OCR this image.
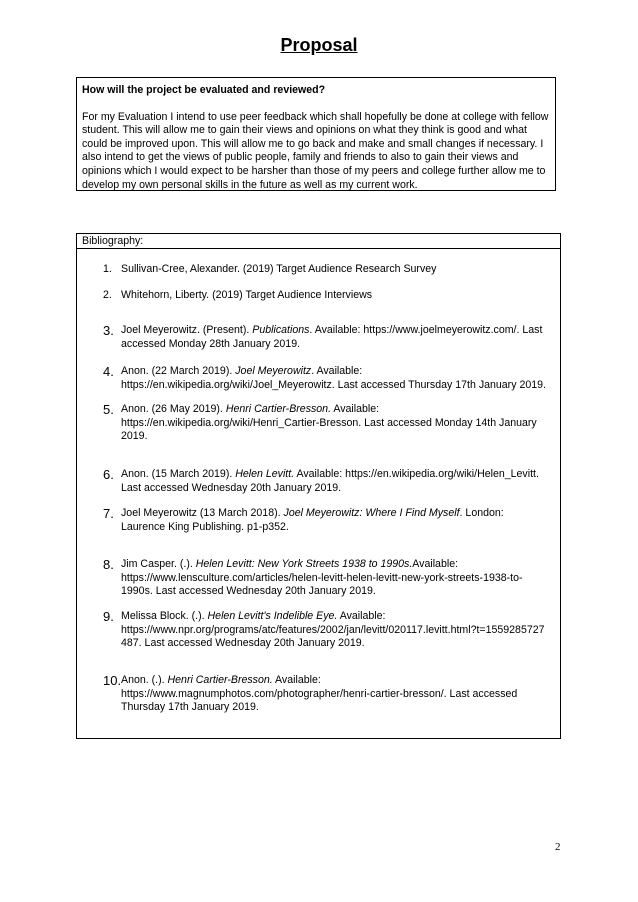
Proposal
How will the project be evaluated and reviewed?
For my Evaluation I intend to use peer feedback which shall hopefully be done at college with fellow student. This will allow me to gain their views and opinions on what they think is good and what could be improved upon. This will allow me to go back and make and small changes if necessary. I also intend to get the views of public people, family and friends to also to gain their views and opinions which I would expect to be harsher than those of my peers and college further allow me to develop my own personal skills in the future as well as my current work.
Bibliography:
1. Sullivan-Cree, Alexander. (2019) Target Audience Research Survey
2. Whitehorn, Liberty. (2019) Target Audience Interviews
3. Joel Meyerowitz. (Present). Publications. Available: https://www.joelmeyerowitz.com/. Last accessed Monday 28th January 2019.
4. Anon. (22 March 2019). Joel Meyerowitz. Available: https://en.wikipedia.org/wiki/Joel_Meyerowitz. Last accessed Thursday 17th January 2019.
5. Anon. (26 May 2019). Henri Cartier-Bresson. Available: https://en.wikipedia.org/wiki/Henri_Cartier-Bresson. Last accessed Monday 14th January 2019.
6. Anon. (15 March 2019). Helen Levitt. Available: https://en.wikipedia.org/wiki/Helen_Levitt. Last accessed Wednesday 20th January 2019.
7. Joel Meyerowitz (13 March 2018). Joel Meyerowitz: Where I Find Myself. London: Laurence King Publishing. p1-p352.
8. Jim Casper. (.). Helen Levitt: New York Streets 1938 to 1990s.Available: https://www.lensculture.com/articles/helen-levitt-helen-levitt-new-york-streets-1938-to-1990s. Last accessed Wednesday 20th January 2019.
9. Melissa Block. (.). Helen Levitt's Indelible Eye. Available: https://www.npr.org/programs/atc/features/2002/jan/levitt/020117.levitt.html?t=1559285727 487. Last accessed Wednesday 20th January 2019.
10. Anon. (.). Henri Cartier-Bresson. Available: https://www.magnumphotos.com/photographer/henri-cartier-bresson/. Last accessed Thursday 17th January 2019.
2
